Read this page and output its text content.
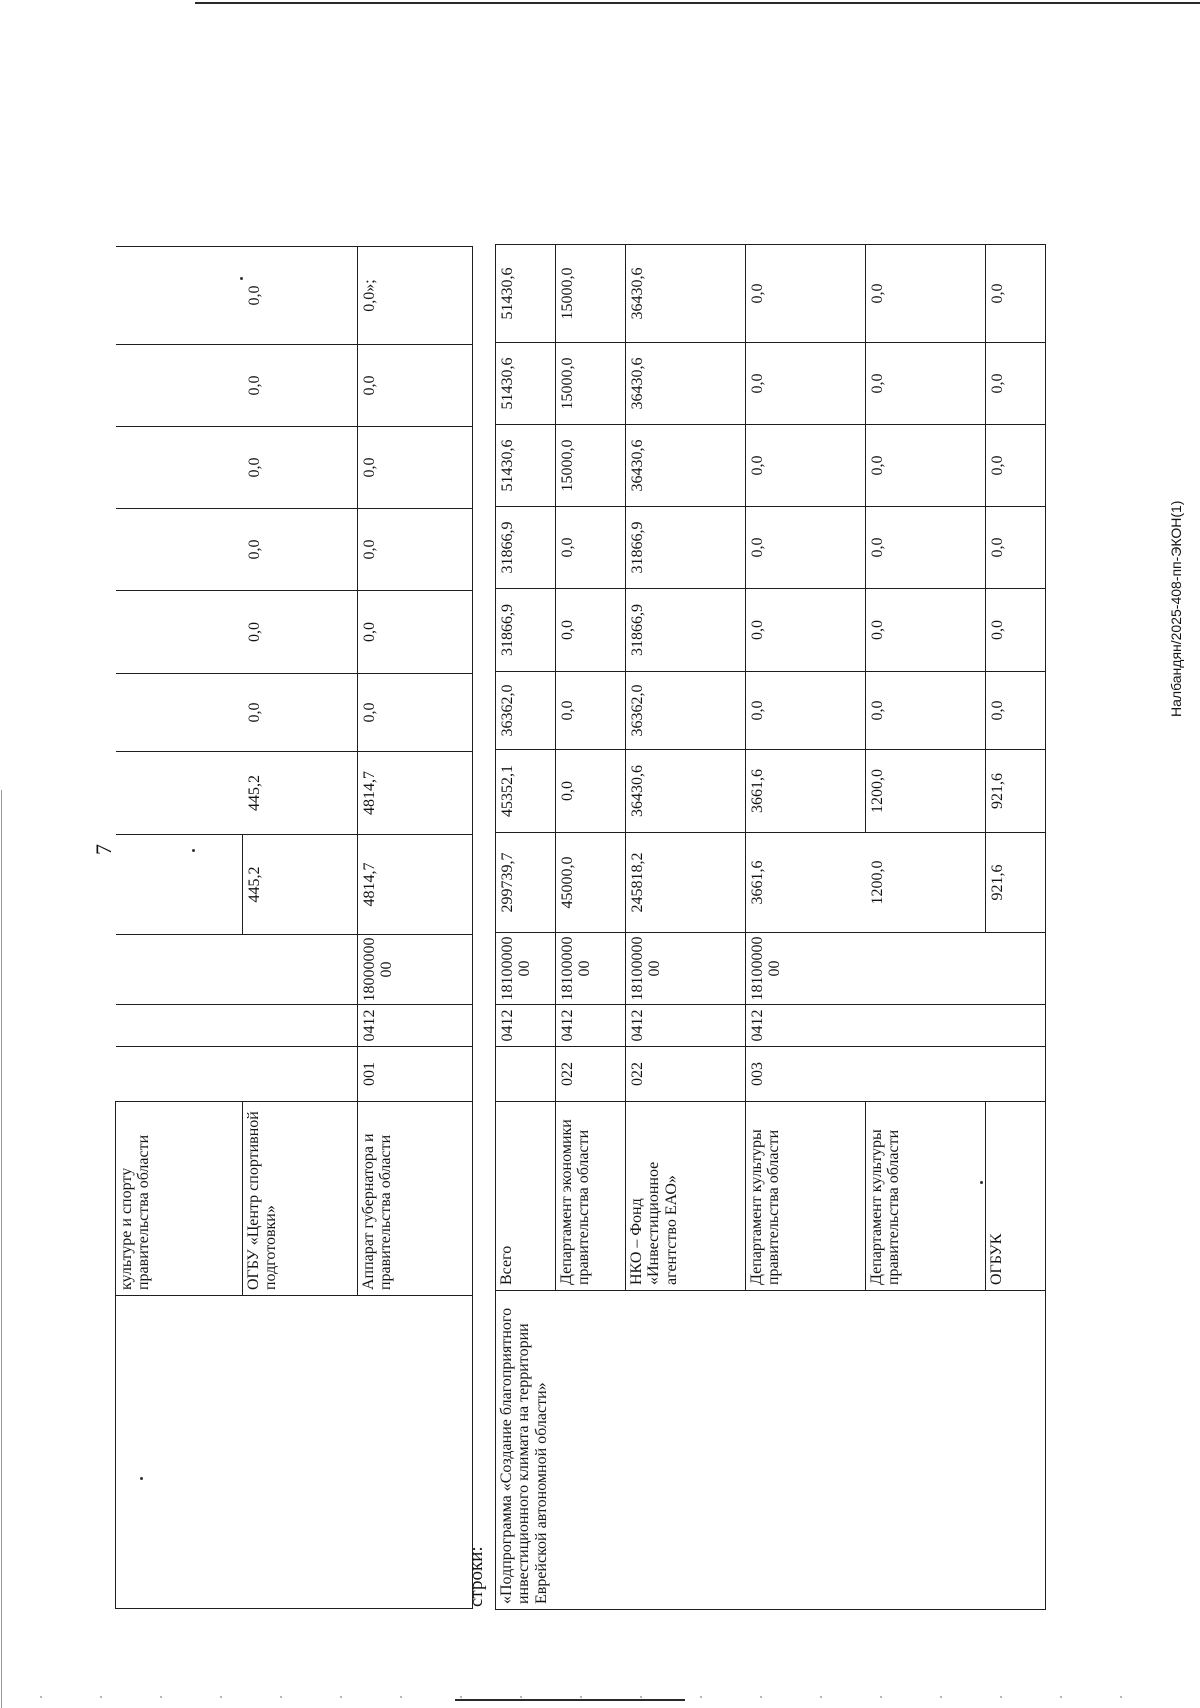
7
Налбандян/2025-408-пп-ЭКОН(1)
	культуре и спорту правительства области											
	ОГБУ «Центр спортивной подготовки»				445,2	445,2	0,0	0,0	0,0	0,0	0,0	0,0
	Аппарат губернатора и правительства области	001	0412	1800000000	4814,7	4814,7	0,0	0,0	0,0	0,0	0,0	0,0»;
строки: «Подпрограмма «Создание благоприятного инвестиционного климата на территории Еврейской автономной области»	Всего		0412	1810000000	299739,7	45352,1	36362,0	31866,9	31866,9	51430,6	51430,6	51430,6
	Департамент экономики правительства области	022	0412	1810000000	45000,0	0,0	0,0	0,0	0,0	15000,0	15000,0	15000,0
	НКО – Фонд «Инвестиционное агентство ЕАО»	022	0412	1810000000	245818,2	36430,6	36362,0	31866,9	31866,9	36430,6	36430,6	36430,6
	Департамент культуры правительства области	003	0412	1810000000	3661,6	3661,6	0,0	0,0	0,0	0,0	0,0	0,0
	Департамент культуры правительства области				1200,0	1200,0	0,0	0,0	0,0	0,0	0,0	0,0
	ОГБУК				921,6	921,6	0,0	0,0	0,0	0,0	0,0	0,0
